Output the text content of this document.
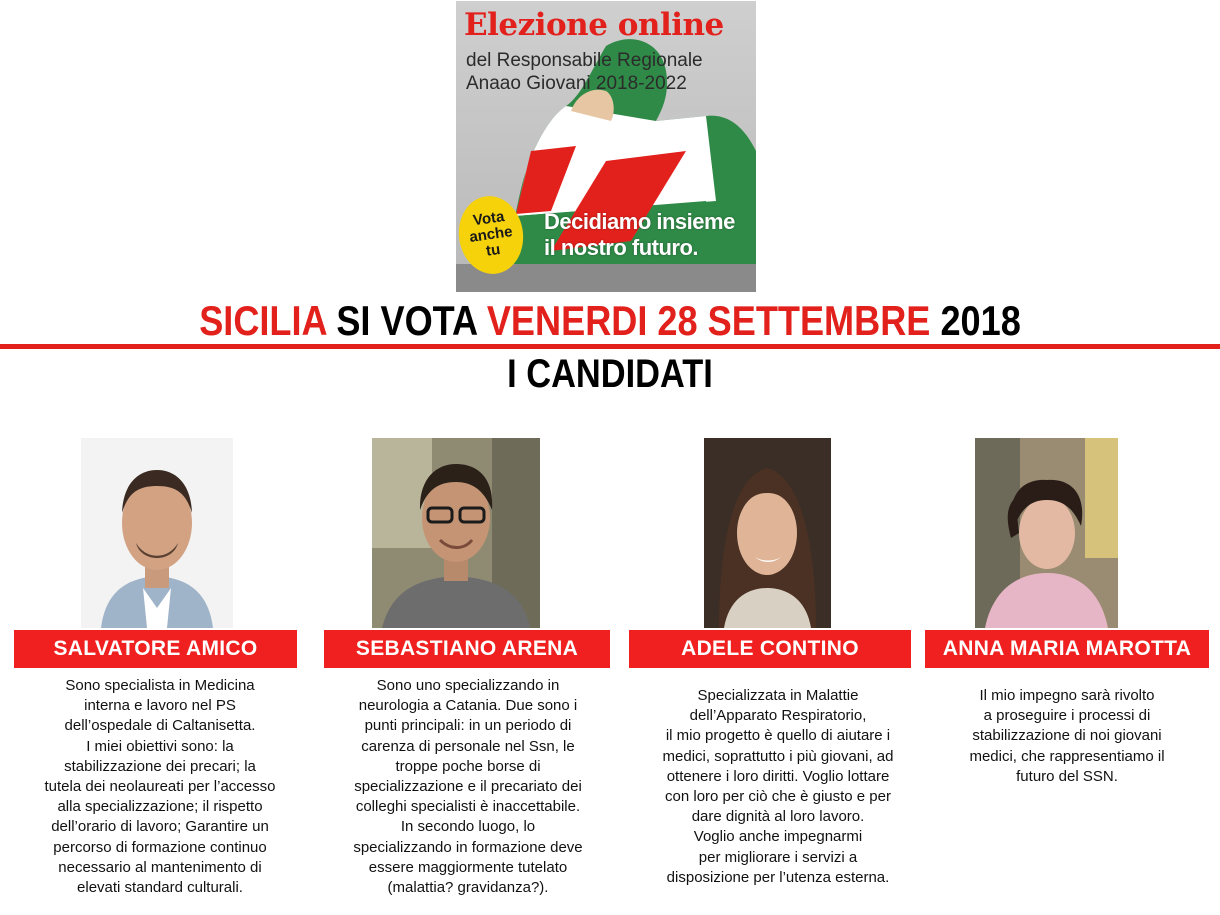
Elezione online
del Responsabile Regionale
Anaao Giovani 2018-2022
Vota
anche
tu
Decidiamo insieme
il nostro futuro.
SICILIA SI VOTA VENERDI 28 SETTEMBRE 2018
I CANDIDATI
SALVATORE AMICO
Sono specialista in Medicina
interna e lavoro nel PS
dell’ospedale di Caltanisetta.
I miei obiettivi sono: la
stabilizzazione dei precari; la
tutela dei neolaureati per l’accesso
alla specializzazione; il rispetto
dell’orario di lavoro; Garantire un
percorso di formazione continuo
necessario al mantenimento di
elevati standard culturali.
SEBASTIANO ARENA
Sono uno specializzando in
neurologia a Catania. Due sono i
punti principali: in un periodo di
carenza di personale nel Ssn, le
troppe poche borse di
specializzazione e il precariato dei
colleghi specialisti è inaccettabile.
In secondo luogo, lo
specializzando in formazione deve
essere maggiormente tutelato
(malattia? gravidanza?).
ADELE CONTINO
Specializzata in Malattie
dell’Apparato Respiratorio,
il mio progetto è quello di aiutare i
medici, soprattutto i più giovani, ad
ottenere i loro diritti. Voglio lottare
con loro per ciò che è giusto e per
dare dignità al loro lavoro.
Voglio anche impegnarmi
per migliorare i servizi a
disposizione per l’utenza esterna.
ANNA MARIA MAROTTA
Il mio impegno sarà rivolto
a proseguire i processi di
stabilizzazione di noi giovani
medici, che rappresentiamo il
futuro del SSN.
